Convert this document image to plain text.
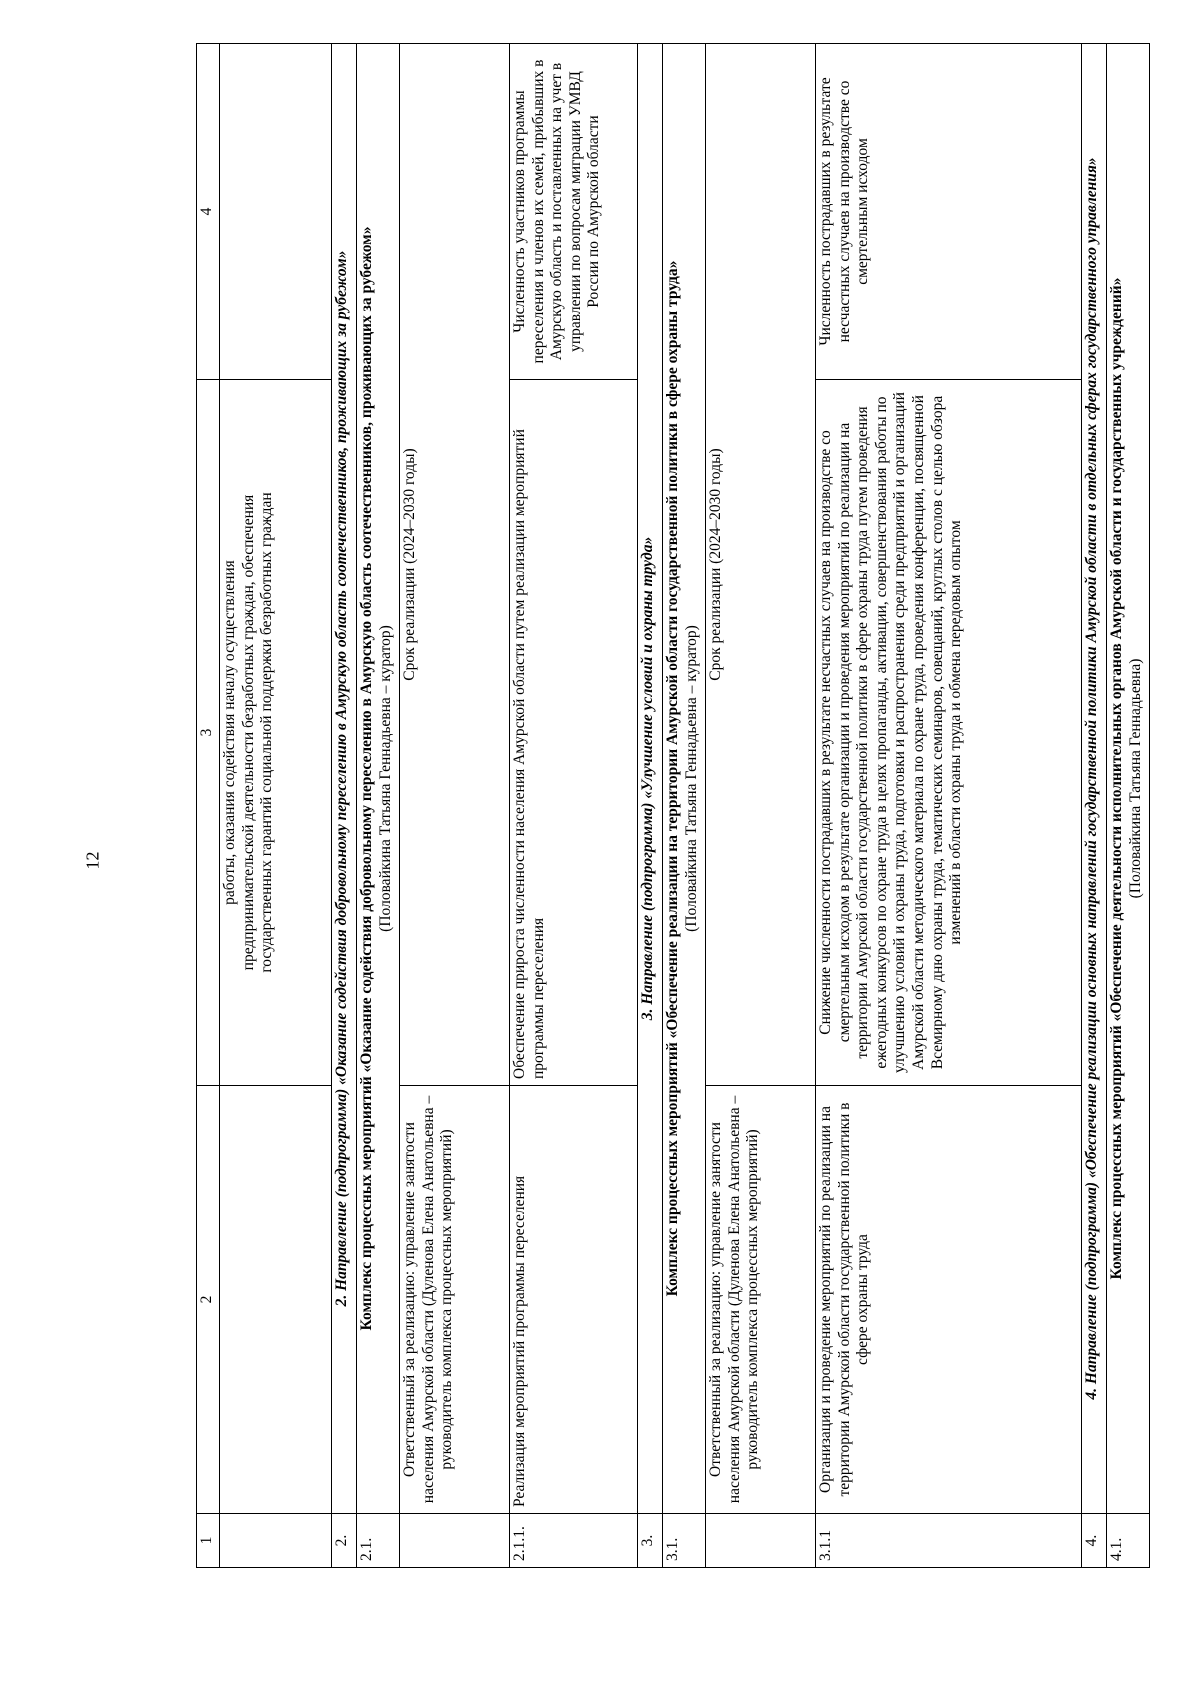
12
1	2	3	4

		работы, оказания содействия началу осуществления предпринимательской деятельности безработных граждан, обеспечения государственных гарантий социальной поддержки безработных граждан	

2.	2. Направление (подпрограмма) «Оказание содействия добровольному переселению в Амурскую область соотечественников, проживающих за рубежом»		
2.1.	Комплекс процессных мероприятий «Оказание содействия добровольному переселению в Амурскую область соотечественников, проживающих за рубежом» (Половайкина Татьяна Геннадьевна – куратор)		

	Ответственный за реализацию: управление занятости населения Амурской области (Дуленова Елена Анатольевна – руководитель комплекса процессных мероприятий)	Срок реализации (2024–2030 годы)	
2.1.1.	Реализация мероприятий программы переселения	Обеспечение прироста численности населения Амурской области путем реализации мероприятий программы переселения	Численность участников программы переселения и членов их семей, прибывших в Амурскую область и поставленных на учет в управлении по вопросам миграции УМВД России по Амурской области
3.	3. Направление (подпрограмма) «Улучшение условий и охраны труда»		
3.1.	Комплекс процессных мероприятий «Обеспечение реализации на территории Амурской области государственной политики в сфере охраны труда» (Половайкина Татьяна Геннадьевна – куратор)		

	Ответственный за реализацию: управление занятости населения Амурской области (Дуленова Елена Анатольевна – руководитель комплекса процессных мероприятий)	Срок реализации (2024–2030 годы)	
3.1.1	Организация и проведение мероприятий по реализации на территории Амурской области государственной политики в сфере охраны труда	Снижение численности пострадавших в результате несчастных случаев на производстве со смертельным исходом в результате организации и проведения мероприятий по реализации на территории Амурской области государственной политики в сфере охраны труда путем проведения ежегодных конкурсов по охране труда в целях пропаганды, активации, совершенствования работы по улучшению условий и охраны труда, подготовки и распространения среди предприятий и организаций Амурской области методического материала по охране труда, проведения конференции, посвященной Всемирному дню охраны труда, тематических семинаров, совещаний, круглых столов с целью обзора изменений в области охраны труда и обмена передовым опытом	Численность пострадавших в результате несчастных случаев на производстве со смертельным исходом
4.	4. Направление (подпрограмма) «Обеспечение реализации основных направлений государственной политики Амурской области в отдельных сферах государственного управления»		
4.1.	Комплекс процессных мероприятий «Обеспечение деятельности исполнительных органов Амурской области и государственных учреждений» (Половайкина Татьяна Геннадьевна)		
